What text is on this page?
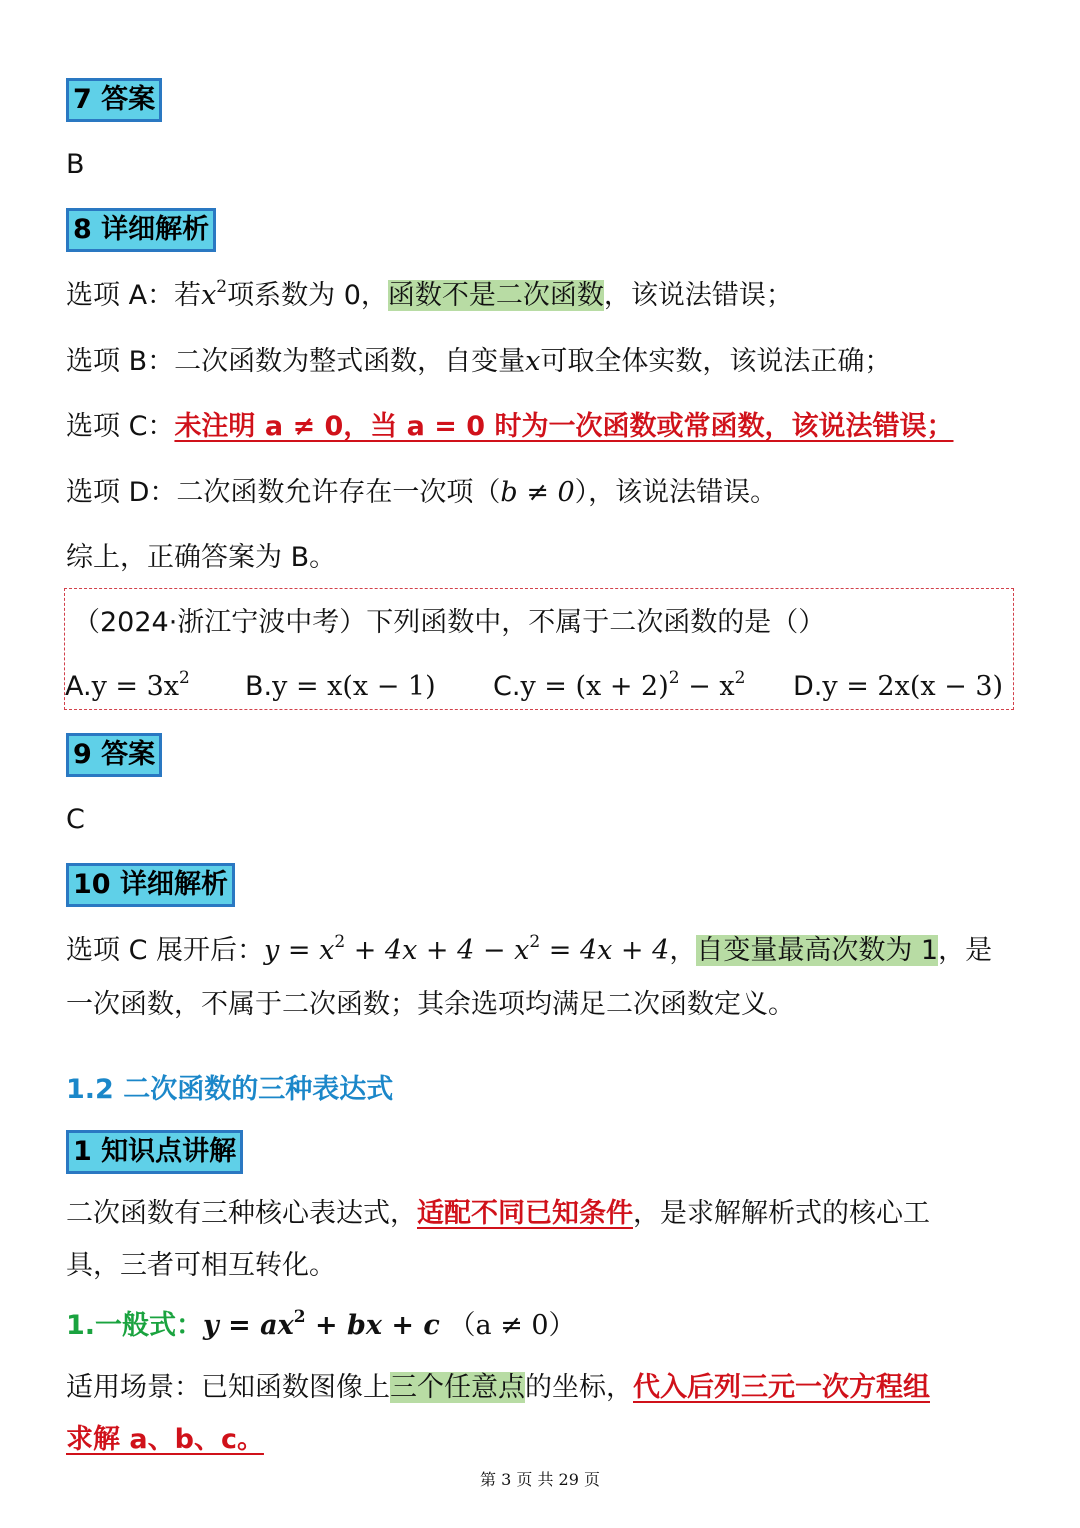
7 答案
B
8 详细解析
选项 A：若$x^2$项系数为 0，函数不是二次函数，该说法错误；
选项 B：二次函数为整式函数，自变量x可取全体实数，该说法正确；
选项 C：未注明 a ≠ 0，当 a = 0 时为一次函数或常函数，该说法错误；
选项 D：二次函数允许存在一次项（b ≠ 0），该说法错误。
综上，正确答案为 B。
（2024·浙江宁波中考）下列函数中，不属于二次函数的是（）
$A.y = 3x^2$ B.y = x(x − 1) $C.y = (x + 2)^2 - x^2$ D.y = 2x(x − 3)
9 答案
C
10 详细解析
选项 C 展开后：$y = x^2 + 4x + 4 - x^2 = 4x + 4$，自变量最高次数为 1，是
一次函数，不属于二次函数；其余选项均满足二次函数定义。
1.2 二次函数的三种表达式
1 知识点讲解
二次函数有三种核心表达式，适配不同已知条件，是求解解析式的核心工
具，三者可相互转化。
1.一般式：$y = ax^2$ + bx + c （a ≠ 0）
适用场景：已知函数图像上三个任意点的坐标，代入后列三元一次方程组
求解 a、b、c。
第 3 页 共 29 页
